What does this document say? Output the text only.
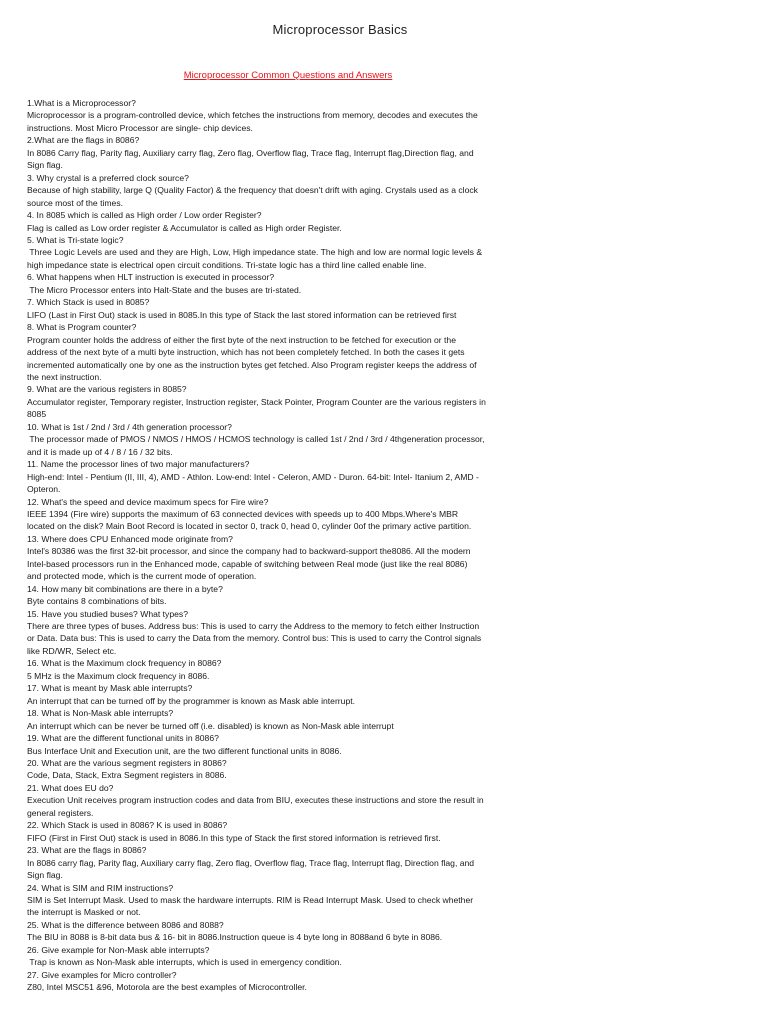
Microprocessor Basics
Microprocessor Common Questions and Answers

1.What is a Microprocessor?

Microprocessor is a program-controlled device, which fetches the instructions from memory, decodes and executes the

instructions. Most Micro Processor are single- chip devices.

2.What are the flags in 8086?

In 8086 Carry flag, Parity flag, Auxiliary carry flag, Zero flag, Overflow flag, Trace flag, Interrupt flag,Direction flag, and

Sign flag.

3. Why crystal is a preferred clock source?

Because of high stability, large Q (Quality Factor) & the frequency that doesn't drift with aging. Crystals used as a clock

source most of the times.

4. In 8085 which is called as High order / Low order Register?

Flag is called as Low order register & Accumulator is called as High order Register.

5. What is Tri-state logic?

Three Logic Levels are used and they are High, Low, High impedance state. The high and low are normal logic levels &

high impedance state is electrical open circuit conditions. Tri-state logic has a third line called enable line.

6. What happens when HLT instruction is executed in processor?

The Micro Processor enters into Halt-State and the buses are tri-stated.

7. Which Stack is used in 8085?

LIFO (Last in First Out) stack is used in 8085.In this type of Stack the last stored information can be retrieved first

8. What is Program counter?

Program counter holds the address of either the first byte of the next instruction to be fetched for execution or the

address of the next byte of a multi byte instruction, which has not been completely fetched. In both the cases it gets

incremented automatically one by one as the instruction bytes get fetched. Also Program register keeps the address of

the next instruction.

9. What are the various registers in 8085?

Accumulator register, Temporary register, Instruction register, Stack Pointer, Program Counter are the various registers in

8085

10. What is 1st / 2nd / 3rd / 4th generation processor?

The processor made of PMOS / NMOS / HMOS / HCMOS technology is called 1st / 2nd / 3rd / 4thgeneration processor,

and it is made up of 4 / 8 / 16 / 32 bits.

11. Name the processor lines of two major manufacturers?

High-end: Intel - Pentium (II, III, 4), AMD - Athlon. Low-end: Intel - Celeron, AMD - Duron. 64-bit: Intel- Itanium 2, AMD -

Opteron.

12. What's the speed and device maximum specs for Fire wire?

IEEE 1394 (Fire wire) supports the maximum of 63 connected devices with speeds up to 400 Mbps.Where's MBR

located on the disk? Main Boot Record is located in sector 0, track 0, head 0, cylinder 0of the primary active partition.

13. Where does CPU Enhanced mode originate from?

Intel's 80386 was the first 32-bit processor, and since the company had to backward-support the8086. All the modern

Intel-based processors run in the Enhanced mode, capable of switching between Real mode (just like the real 8086)

and protected mode, which is the current mode of operation.

14. How many bit combinations are there in a byte?

Byte contains 8 combinations of bits.

15. Have you studied buses? What types?

There are three types of buses. Address bus: This is used to carry the Address to the memory to fetch either Instruction

or Data. Data bus: This is used to carry the Data from the memory. Control bus: This is used to carry the Control signals

like RD/WR, Select etc.

16. What is the Maximum clock frequency in 8086?

5 MHz is the Maximum clock frequency in 8086.

17. What is meant by Mask able interrupts?

An interrupt that can be turned off by the programmer is known as Mask able interrupt.

18. What is Non-Mask able interrupts?

An interrupt which can be never be turned off (i.e. disabled) is known as Non-Mask able interrupt

19. What are the different functional units in 8086?

Bus Interface Unit and Execution unit, are the two different functional units in 8086.

20. What are the various segment registers in 8086?

Code, Data, Stack, Extra Segment registers in 8086.

21. What does EU do?

Execution Unit receives program instruction codes and data from BIU, executes these instructions and store the result in

general registers.

22. Which Stack is used in 8086? K is used in 8086?

FIFO (First in First Out) stack is used in 8086.In this type of Stack the first stored information is retrieved first.

23. What are the flags in 8086?

In 8086 carry flag, Parity flag, Auxiliary carry flag, Zero flag, Overflow flag, Trace flag, Interrupt flag, Direction flag, and

Sign flag.

24. What is SIM and RIM instructions?

SIM is Set Interrupt Mask. Used to mask the hardware interrupts. RIM is Read Interrupt Mask. Used to check whether

the interrupt is Masked or not.

25. What is the difference between 8086 and 8088?

The BIU in 8088 is 8-bit data bus & 16- bit in 8086.Instruction queue is 4 byte long in 8088and 6 byte in 8086.

26. Give example for Non-Mask able interrupts?

Trap is known as Non-Mask able interrupts, which is used in emergency condition.

27. Give examples for Micro controller?

Z80, Intel MSC51 &96, Motorola are the best examples of Microcontroller.
